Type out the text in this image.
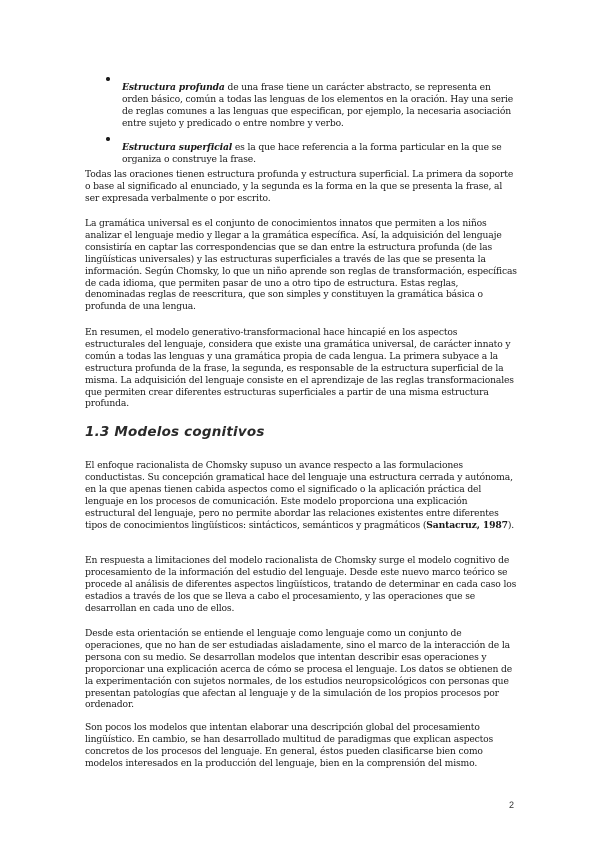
Estructura profunda de una frase tiene un carácter abstracto, se representa en orden básico, común a todas las lenguas de los elementos en la oración. Hay una serie de reglas comunes a las lenguas que especifican, por ejemplo, la necesaria asociación entre sujeto y predicado o entre nombre y verbo.

Estructura superficial es la que hace referencia a la forma particular en la que se organiza o construye la frase.

Todas las oraciones tienen estructura profunda y estructura superficial. La primera da soporte o base al significado al enunciado, y la segunda es la forma en la que se presenta la frase, al ser expresada verbalmente o por escrito.

La gramática universal es el conjunto de conocimientos innatos que permiten a los niños analizar el lenguaje medio y llegar a la gramática específica. Así, la adquisición del lenguaje consistiría en captar las correspondencias que se dan entre la estructura profunda (de las lingüísticas universales) y las estructuras superficiales a través de las que se presenta la información. Según Chomsky, lo que un niño aprende son reglas de transformación, específicas de cada idioma, que permiten pasar de uno a otro tipo de estructura. Estas reglas, denominadas reglas de reescritura, que son simples y constituyen la gramática básica o profunda de una lengua.

En resumen, el modelo generativo-transformacional hace hincapié en los aspectos estructurales del lenguaje, considera que existe una gramática universal, de carácter innato y común a todas las lenguas y una gramática propia de cada lengua. La primera subyace a la estructura profunda de la frase, la segunda, es responsable de la estructura superficial de la misma. La adquisición del lenguaje consiste en el aprendizaje de las reglas transformacionales que permiten crear diferentes estructuras superficiales a partir de una misma estructura profunda.

1.3 Modelos cognitivos

El enfoque racionalista de Chomsky supuso un avance respecto a las formulaciones conductistas. Su concepción gramatical hace del lenguaje una estructura cerrada y autónoma, en la que apenas tienen cabida aspectos como el significado o la aplicación práctica del lenguaje en los procesos de comunicación. Este modelo proporciona una explicación estructural del lenguaje, pero no permite abordar las relaciones existentes entre diferentes tipos de conocimientos lingüísticos: sintácticos, semánticos y pragmáticos (Santacruz, 1987).

En respuesta a limitaciones del modelo racionalista de Chomsky surge el modelo cognitivo de procesamiento de la información del estudio del lenguaje. Desde este nuevo marco teórico se procede al análisis de diferentes aspectos lingüísticos, tratando de determinar en cada caso los estadios a través de los que se lleva a cabo el procesamiento, y las operaciones que se desarrollan en cada uno de ellos.

Desde esta orientación se entiende el lenguaje como lenguaje como un conjunto de operaciones, que no han de ser estudiadas aisladamente, sino el marco de la interacción de la persona con su medio. Se desarrollan modelos que intentan describir esas operaciones y proporcionar una explicación acerca de cómo se procesa el lenguaje. Los datos se obtienen de la experimentación con sujetos normales, de los estudios neuropsicológicos con personas que presentan patologías que afectan al lenguaje y de la simulación de los propios procesos por ordenador.

Son pocos los modelos que intentan elaborar una descripción global del procesamiento lingüístico. En cambio, se han desarrollado multitud de paradigmas que explican aspectos concretos de los procesos del lenguaje. En general, éstos pueden clasificarse bien como modelos interesados en la producción del lenguaje, bien en la comprensión del mismo.

2
